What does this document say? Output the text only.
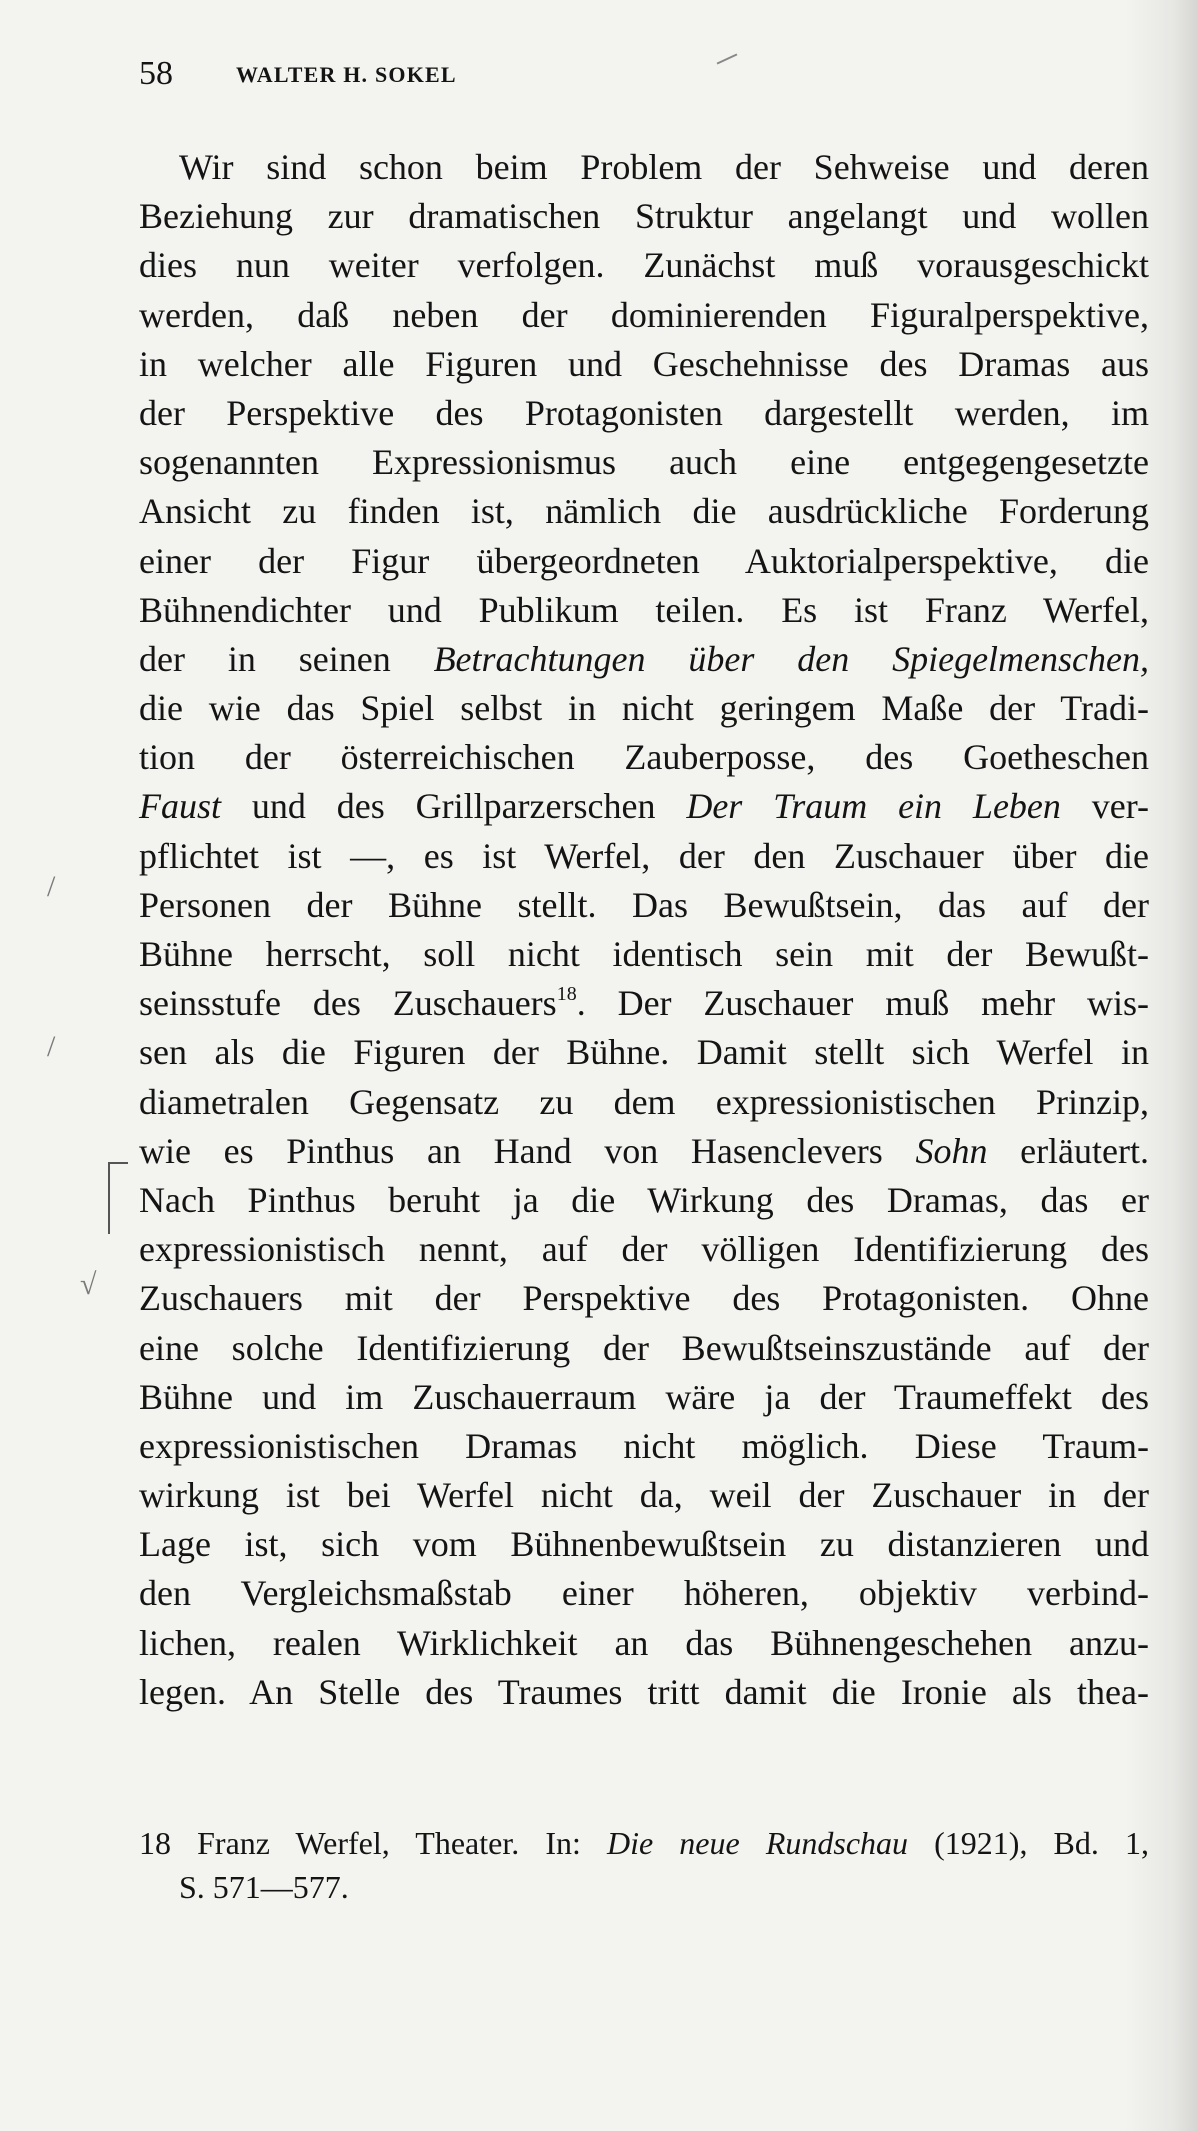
58	WALTER H. SOKEL
Wir sind schon beim Problem der Sehweise und deren
Beziehung zur dramatischen Struktur angelangt und wollen
dies nun weiter verfolgen. Zunächst muß vorausgeschickt
werden, daß neben der dominierenden Figuralperspektive,
in welcher alle Figuren und Geschehnisse des Dramas aus
der Perspektive des Protagonisten dargestellt werden, im
sogenannten Expressionismus auch eine entgegengesetzte
Ansicht zu finden ist, nämlich die ausdrückliche Forderung
einer der Figur übergeordneten Auktorialperspektive, die
Bühnendichter und Publikum teilen. Es ist Franz Werfel,
der in seinen Betrachtungen über den Spiegelmenschen,
die wie das Spiel selbst in nicht geringem Maße der Tradi-
tion der österreichischen Zauberposse, des Goetheschen
Faust und des Grillparzerschen Der Traum ein Leben ver-
pflichtet ist —, es ist Werfel, der den Zuschauer über die
Personen der Bühne stellt. Das Bewußtsein, das auf der
Bühne herrscht, soll nicht identisch sein mit der Bewußt-
seinsstufe des Zuschauers$^{18}$. Der Zuschauer muß mehr wis-
sen als die Figuren der Bühne. Damit stellt sich Werfel in
diametralen Gegensatz zu dem expressionistischen Prinzip,
wie es Pinthus an Hand von Hasenclevers Sohn erläutert.
Nach Pinthus beruht ja die Wirkung des Dramas, das er
expressionistisch nennt, auf der völligen Identifizierung des
Zuschauers mit der Perspektive des Protagonisten. Ohne
eine solche Identifizierung der Bewußtseinszustände auf der
Bühne und im Zuschauerraum wäre ja der Traumeffekt des
expressionistischen Dramas nicht möglich. Diese Traum-
wirkung ist bei Werfel nicht da, weil der Zuschauer in der
Lage ist, sich vom Bühnenbewußtsein zu distanzieren und
den Vergleichsmaßstab einer höheren, objektiv verbind-
lichen, realen Wirklichkeit an das Bühnengeschehen anzu-
legen. An Stelle des Traumes tritt damit die Ironie als thea-
/
/
√
18 Franz Werfel, Theater. In: Die neue Rundschau (1921), Bd. 1,
S. 571—577.
